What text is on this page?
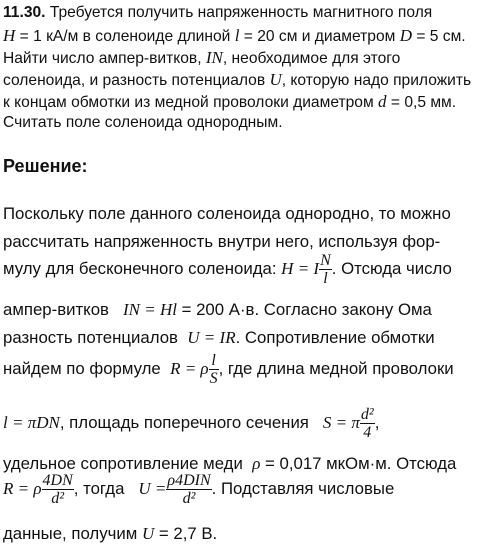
11.30. Требуется получить напряженность магнитного поля
H = 1 кА/м в соленоиде длиной l = 20 см и диаметром D = 5 см.
Найти число ампер-витков, IN, необходимое для этого
соленоида, и разность потенциалов U, которую надо приложить
к концам обмотки из медной проволоки диаметром d = 0,5 мм.
Считать поле соленоида однородным.
Решение:
Поскольку поле данного соленоида однородно, то можно
рассчитать напряженность внутри него, используя фор-
мулу для бесконечного соленоида: H = I $\frac{N}{l}$ . Отсюда число
ампер-витков IN = Hl = 200 А·в. Согласно закону Ома
разность потенциалов U = IR. Сопротивление обмотки
найдем по формуле R = ρ $\frac{l}{S}$ , где длина медной проволоки
l = πDN, площадь поперечного сечения S = π $\frac{\text{d²}}{4}$ ,
удельное сопротивление меди ρ = 0,017 мкОм·м. Отсюда
R = ρ $\frac{4DN}{\text{d²}}$ , тогда $U = \frac{\text{ρ4DIN}}{\text{d²}}$ . Подставляя числовые
данные, получим U = 2,7 В.
